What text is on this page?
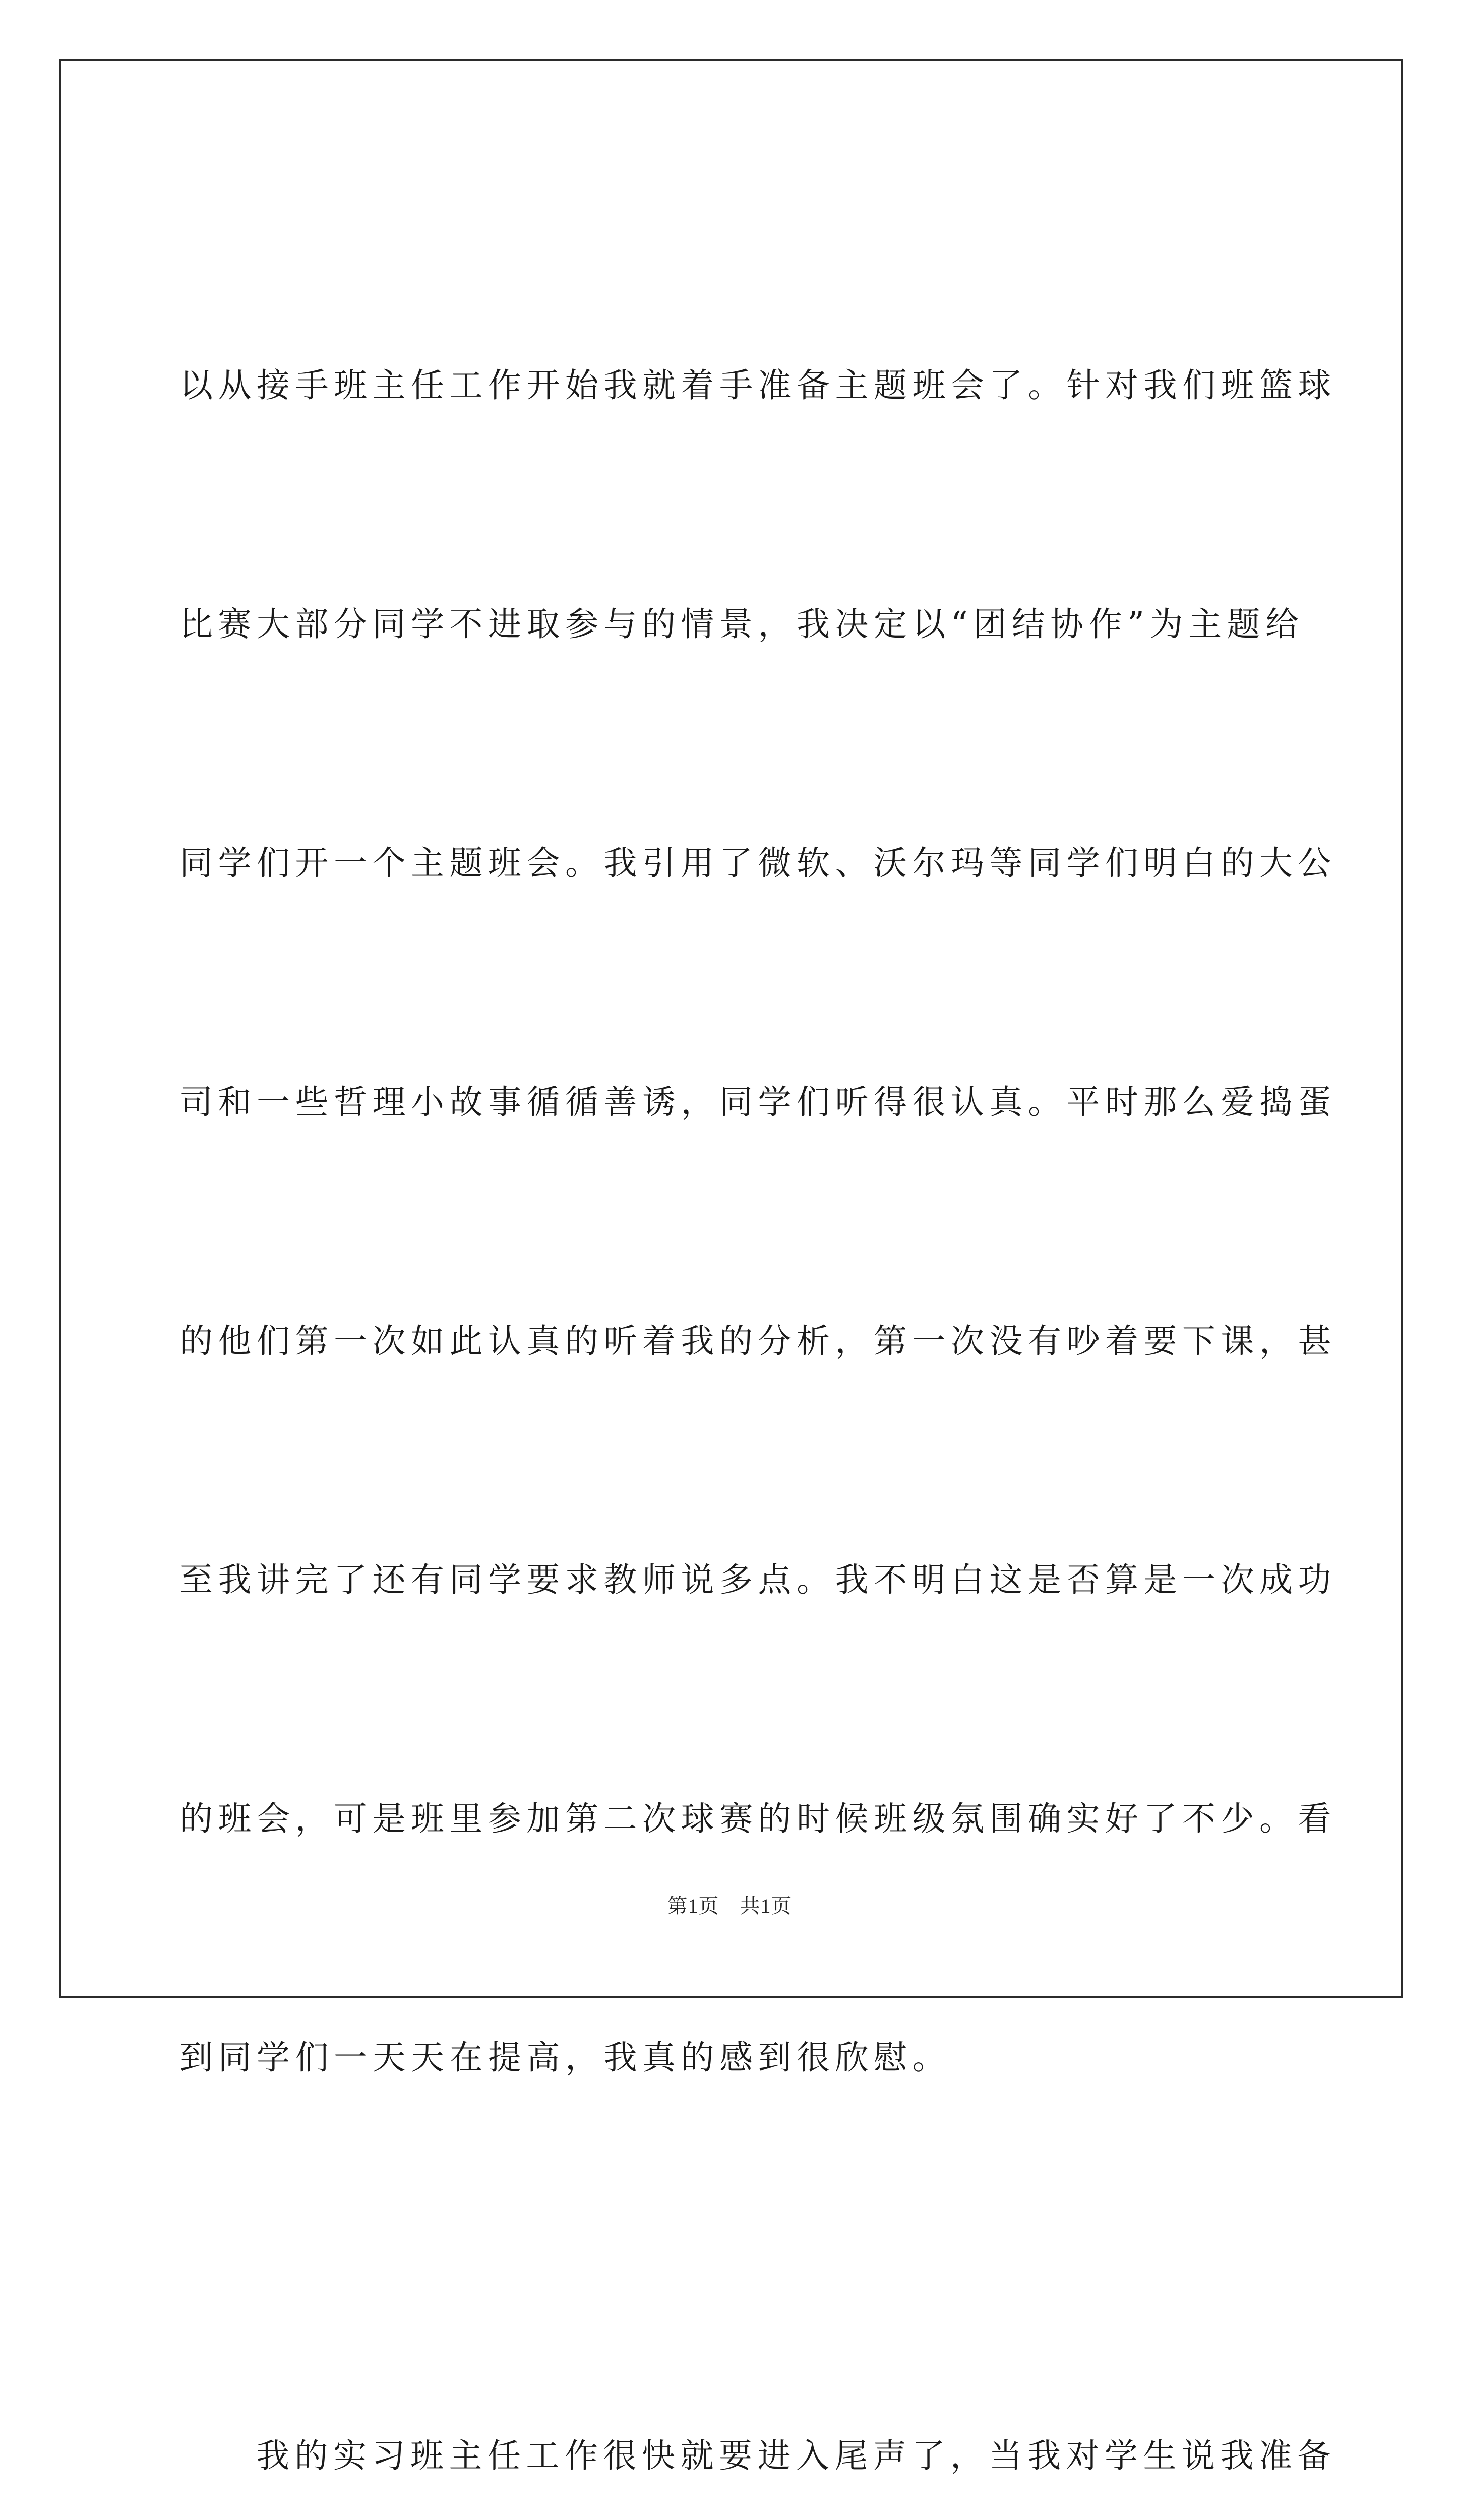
以从接手班主任工作开始我就着手准备主题班会了。针对我们班篮球

比赛大部分同学不进取参与的情景，我决定以“团结协作”为主题给

同学们开一个主题班会。我引用了微软、沃尔玛等同学们明白的大公

司和一些哲理小故事循循善诱，同学们听得很认真。平时那么爱捣蛋

的他们第一次如此认真的听着我的分析，第一次没有吵着要下课，甚

至我讲完了还有同学要求教师说多点。我不明白这是否算是一次成功

的班会，可是班里参加第二次球赛的时候班级氛围确实好了不少。看

到同学们一天天在提高，我真的感到很欣慰。

我的实习班主任工作很快就要进入尾声了，当我对学生说我准备

第1页　共1页
